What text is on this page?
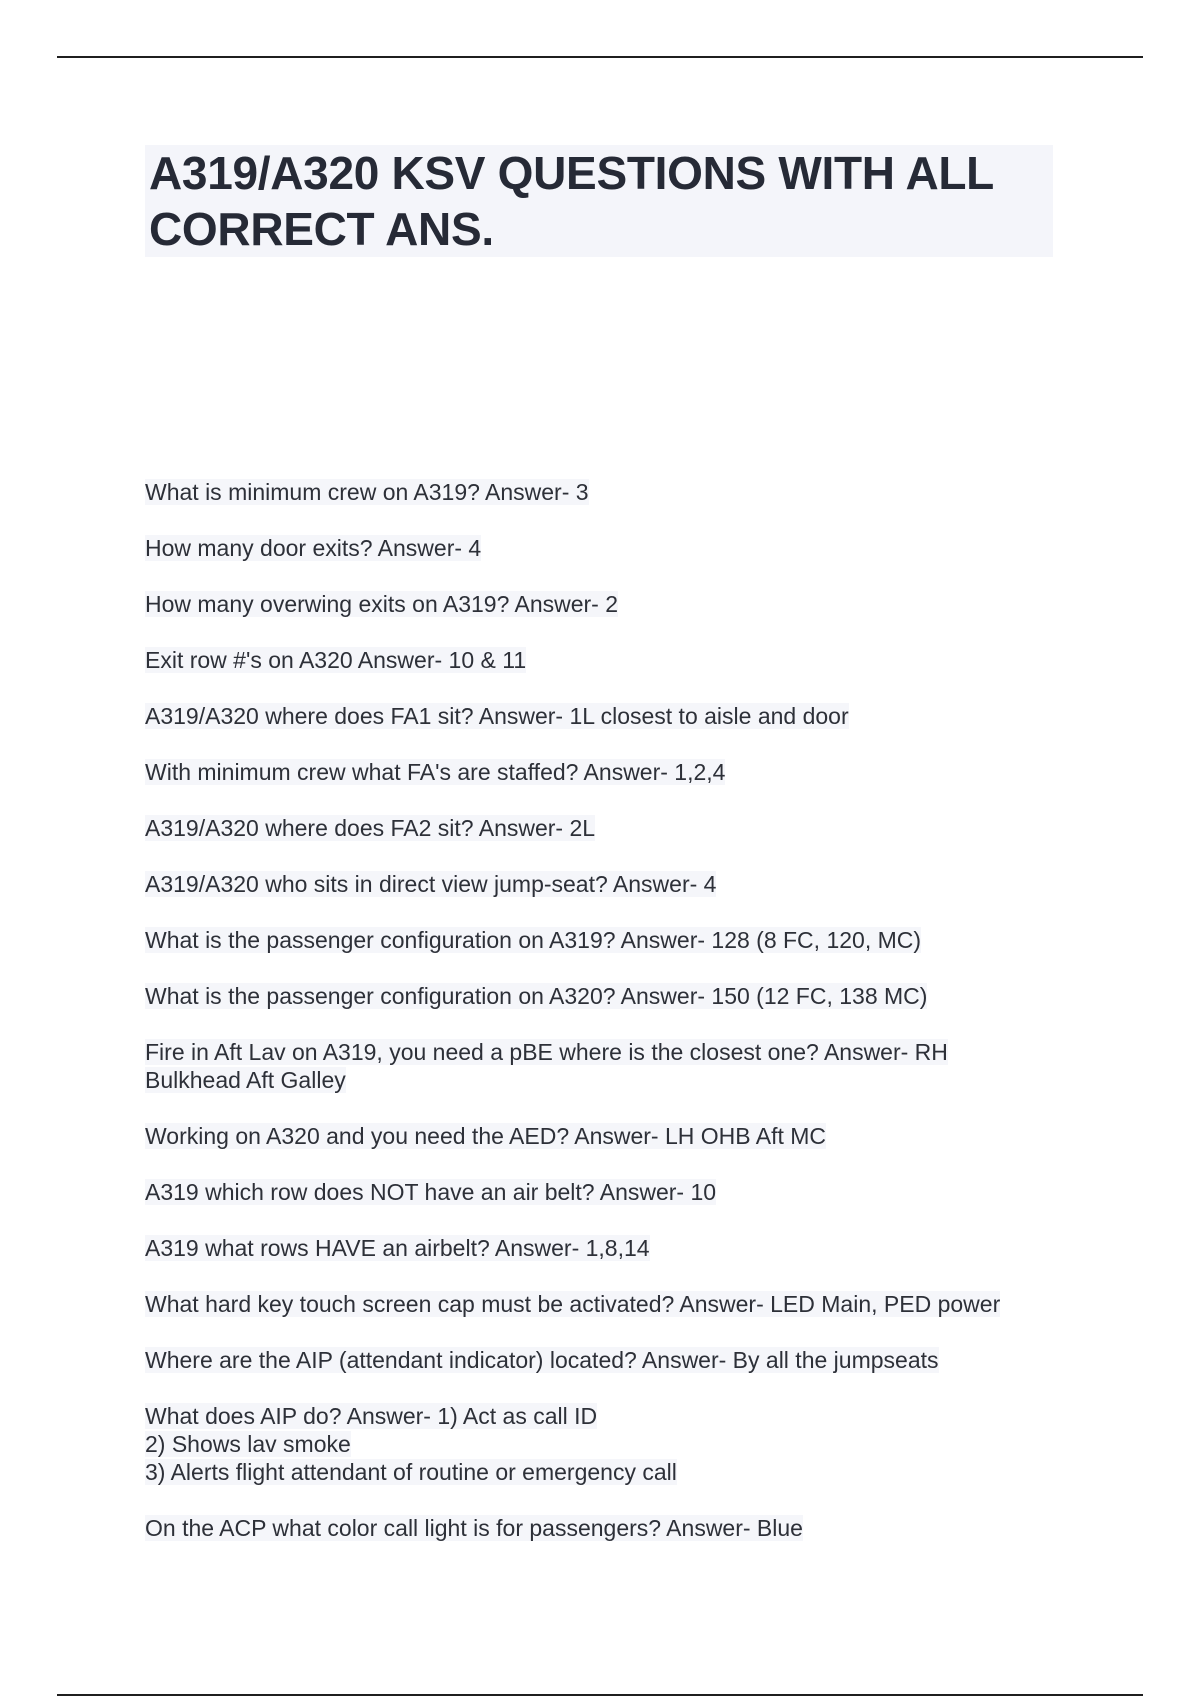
A319/A320 KSV QUESTIONS WITH ALL CORRECT ANS.
What is minimum crew on A319? Answer- 3
How many door exits? Answer- 4
How many overwing exits on A319? Answer- 2
Exit row #'s on A320 Answer- 10 & 11
A319/A320 where does FA1 sit? Answer- 1L closest to aisle and door
With minimum crew what FA's are staffed? Answer- 1,2,4
A319/A320 where does FA2 sit? Answer- 2L
A319/A320 who sits in direct view jump-seat? Answer- 4
What is the passenger configuration on A319? Answer- 128 (8 FC, 120, MC)
What is the passenger configuration on A320? Answer- 150 (12 FC, 138 MC)
Fire in Aft Lav on A319, you need a pBE where is the closest one? Answer- RH
Bulkhead Aft Galley
Working on A320 and you need the AED? Answer- LH OHB Aft MC
A319 which row does NOT have an air belt? Answer- 10
A319 what rows HAVE an airbelt? Answer- 1,8,14
What hard key touch screen cap must be activated? Answer- LED Main, PED power
Where are the AIP (attendant indicator) located? Answer- By all the jumpseats
What does AIP do? Answer- 1) Act as call ID
2) Shows lav smoke
3) Alerts flight attendant of routine or emergency call
On the ACP what color call light is for passengers? Answer- Blue
